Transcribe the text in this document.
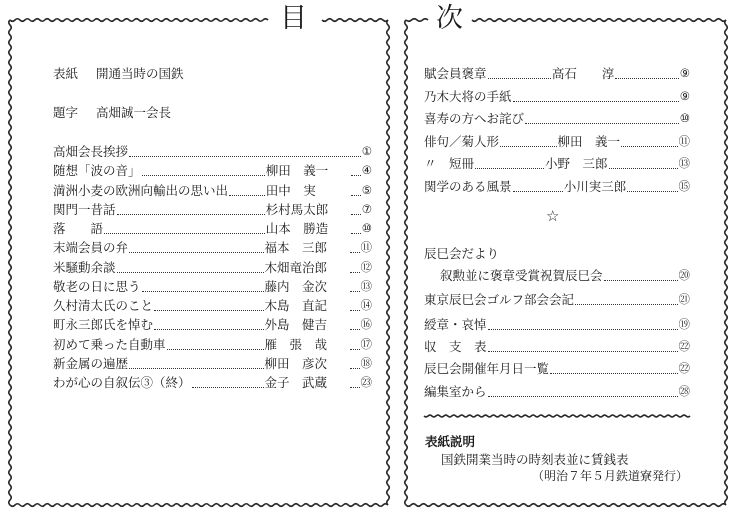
目	次
表紙 開通当時の国鉄
題字 高畑誠一会長
高畑会長挨拶	①
随想「波の音」	柳田　義一	④
満洲小麦の欧洲向輸出の思い出	田中　実	⑤
関門一昔話	杉村馬太郎	⑦
落　　語	山本　勝造	⑩
末端会員の弁	福本　三郎	⑪
米騒動余談	木畑竜治郎	⑫
敬老の日に思う	藤内　金次	⑬
久村清太氏のこと	木島　直記	⑭
町永三郎氏を悼む	外島　健吉	⑯
初めて乗った自動車	雁　張　哉	⑰
新金属の遍歴	柳田　彦次	⑱
わが心の自叙伝③（終）	金子　武蔵	㉓
賦会員褒章	高石　　淳	⑨
乃木大将の手紙	⑨
喜寿の方へお詫び	⑩
俳句／菊人形	柳田　義一	⑪
〃　短冊	小野　三郎	⑬
関学のある風景	小川実三郎	⑮
☆
辰巳会だより
叙勲並に褒章受賞祝賀辰巳会	⑳
東京辰巳会ゴルフ部会会記	㉑
綬章・哀悼	⑲
収　支　表	㉒
辰巳会開催年月日一覧	㉒
編集室から	㉘
表紙説明
国鉄開業当時の時刻表並に賃銭表
（明治７年５月鉄道寮発行）
